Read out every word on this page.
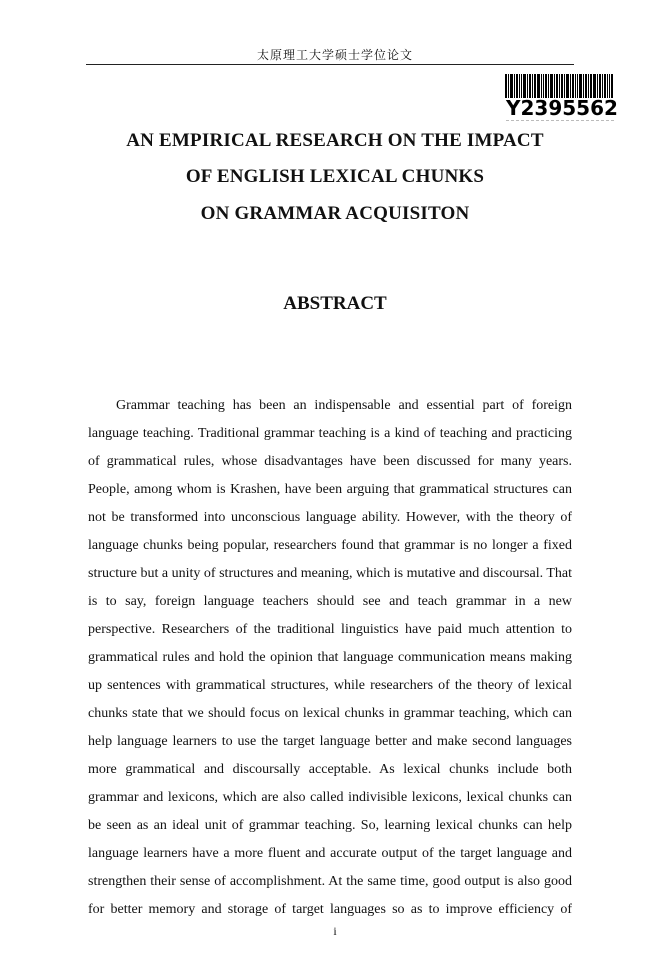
太原理工大学硕士学位论文
Y2395562
AN EMPIRICAL RESEARCH ON THE IMPACT
OF ENGLISH LEXICAL CHUNKS
ON GRAMMAR ACQUISITON
ABSTRACT
Grammar teaching has been an indispensable and essential part of foreign
language teaching. Traditional grammar teaching is a kind of teaching and practicing
of grammatical rules, whose disadvantages have been discussed for many years.
People, among whom is Krashen, have been arguing that grammatical structures can
not be transformed into unconscious language ability. However, with the theory of
language chunks being popular, researchers found that grammar is no longer a fixed
structure but a unity of structures and meaning, which is mutative and discoursal. That
is to say, foreign language teachers should see and teach grammar in a new
perspective. Researchers of the traditional linguistics have paid much attention to
grammatical rules and hold the opinion that language communication means making
up sentences with grammatical structures, while researchers of the theory of lexical
chunks state that we should focus on lexical chunks in grammar teaching, which can
help language learners to use the target language better and make second languages
more grammatical and discoursally acceptable. As lexical chunks include both
grammar and lexicons, which are also called indivisible lexicons, lexical chunks can
be seen as an ideal unit of grammar teaching. So, learning lexical chunks can help
language learners have a more fluent and accurate output of the target language and
strengthen their sense of accomplishment. At the same time, good output is also good
for better memory and storage of target languages so as to improve efficiency of
i
